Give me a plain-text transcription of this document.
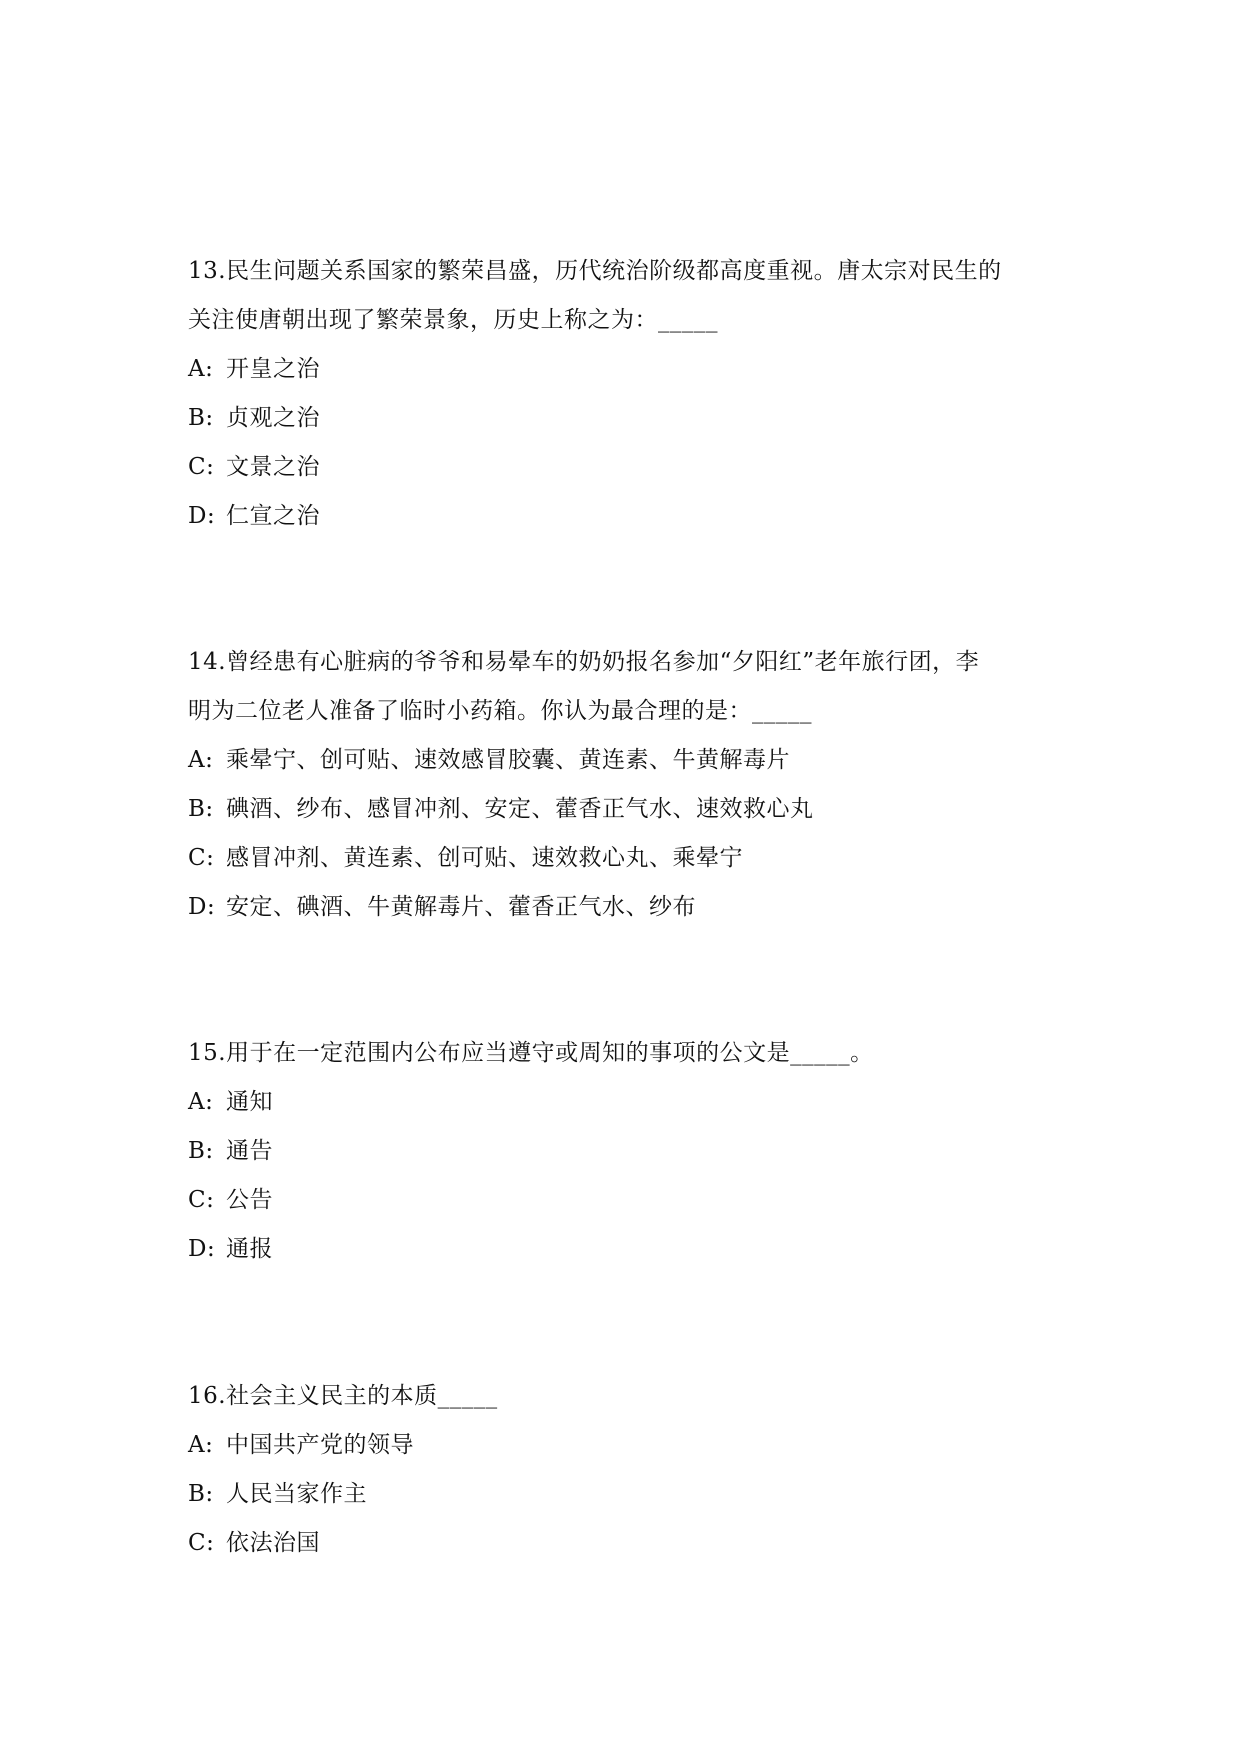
13.民生问题关系国家的繁荣昌盛，历代统治阶级都高度重视。唐太宗对民生的
关注使唐朝出现了繁荣景象，历史上称之为：_____
A: 开皇之治
B: 贞观之治
C: 文景之治
D: 仁宣之治
14.曾经患有心脏病的爷爷和易晕车的奶奶报名参加“夕阳红”老年旅行团，李
明为二位老人准备了临时小药箱。你认为最合理的是：_____
A: 乘晕宁、创可贴、速效感冒胶囊、黄连素、牛黄解毒片
B: 碘酒、纱布、感冒冲剂、安定、藿香正气水、速效救心丸
C: 感冒冲剂、黄连素、创可贴、速效救心丸、乘晕宁
D: 安定、碘酒、牛黄解毒片、藿香正气水、纱布
15.用于在一定范围内公布应当遵守或周知的事项的公文是_____。
A: 通知
B: 通告
C: 公告
D: 通报
16.社会主义民主的本质_____
A: 中国共产党的领导
B: 人民当家作主
C: 依法治国
